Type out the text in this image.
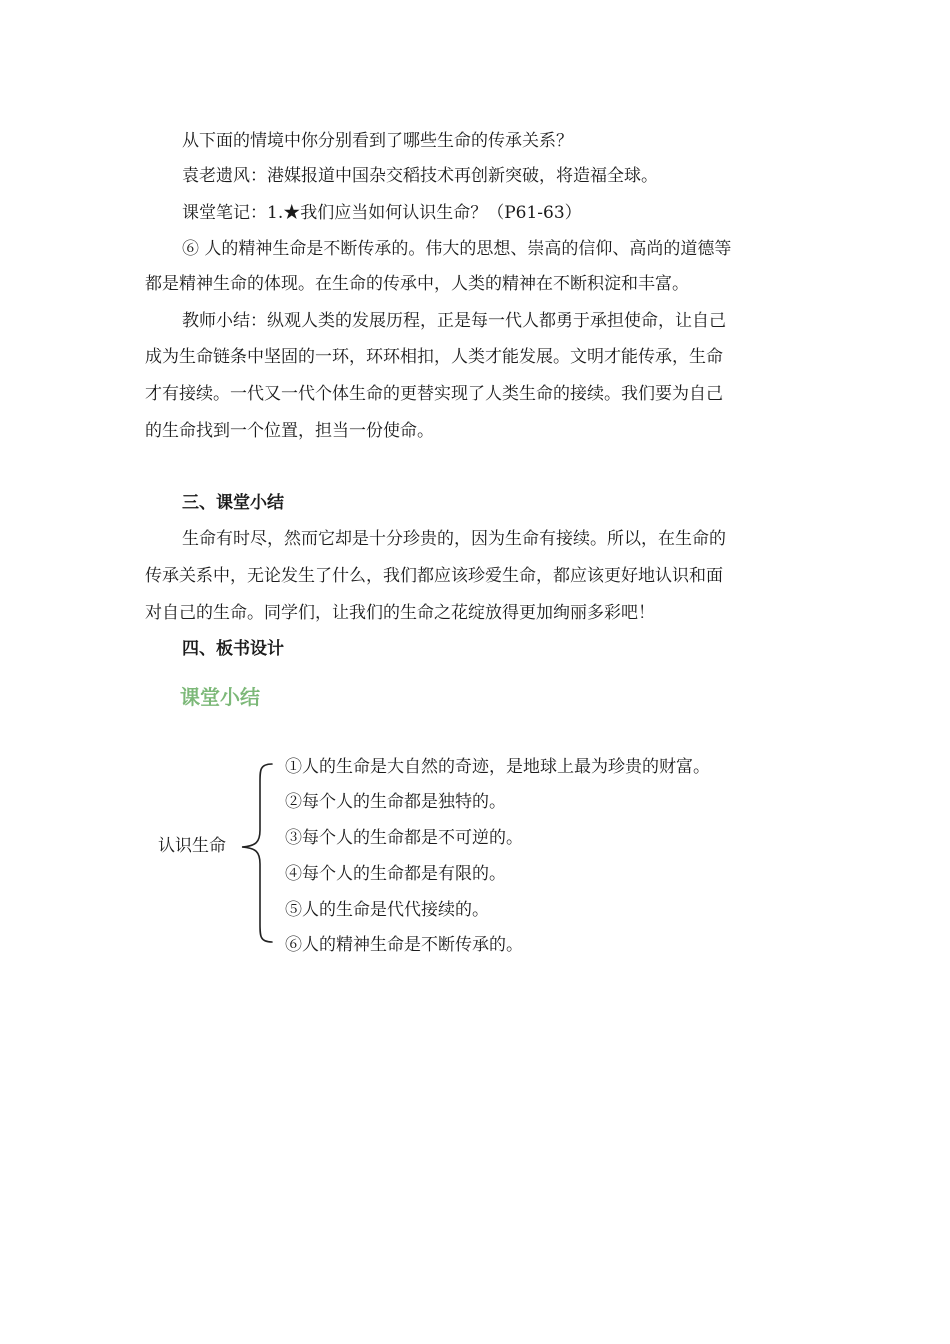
从下面的情境中你分别看到了哪些生命的传承关系？
袁老遗风：港媒报道中国杂交稻技术再创新突破，将造福全球。
课堂笔记：1.★我们应当如何认识生命？（P61-63）
⑥ 人的精神生命是不断传承的。伟大的思想、崇高的信仰、高尚的道德等
都是精神生命的体现。在生命的传承中，人类的精神在不断积淀和丰富。
教师小结：纵观人类的发展历程，正是每一代人都勇于承担使命，让自己
成为生命链条中坚固的一环，环环相扣，人类才能发展。文明才能传承，生命
才有接续。一代又一代个体生命的更替实现了人类生命的接续。我们要为自己
的生命找到一个位置，担当一份使命。
三、课堂小结
生命有时尽，然而它却是十分珍贵的，因为生命有接续。所以，在生命的
传承关系中，无论发生了什么，我们都应该珍爱生命，都应该更好地认识和面
对自己的生命。同学们，让我们的生命之花绽放得更加绚丽多彩吧！
四、板书设计
课堂小结
认识生命
①人的生命是大自然的奇迹，是地球上最为珍贵的财富。
②每个人的生命都是独特的。
③每个人的生命都是不可逆的。
④每个人的生命都是有限的。
⑤人的生命是代代接续的。
⑥人的精神生命是不断传承的。
